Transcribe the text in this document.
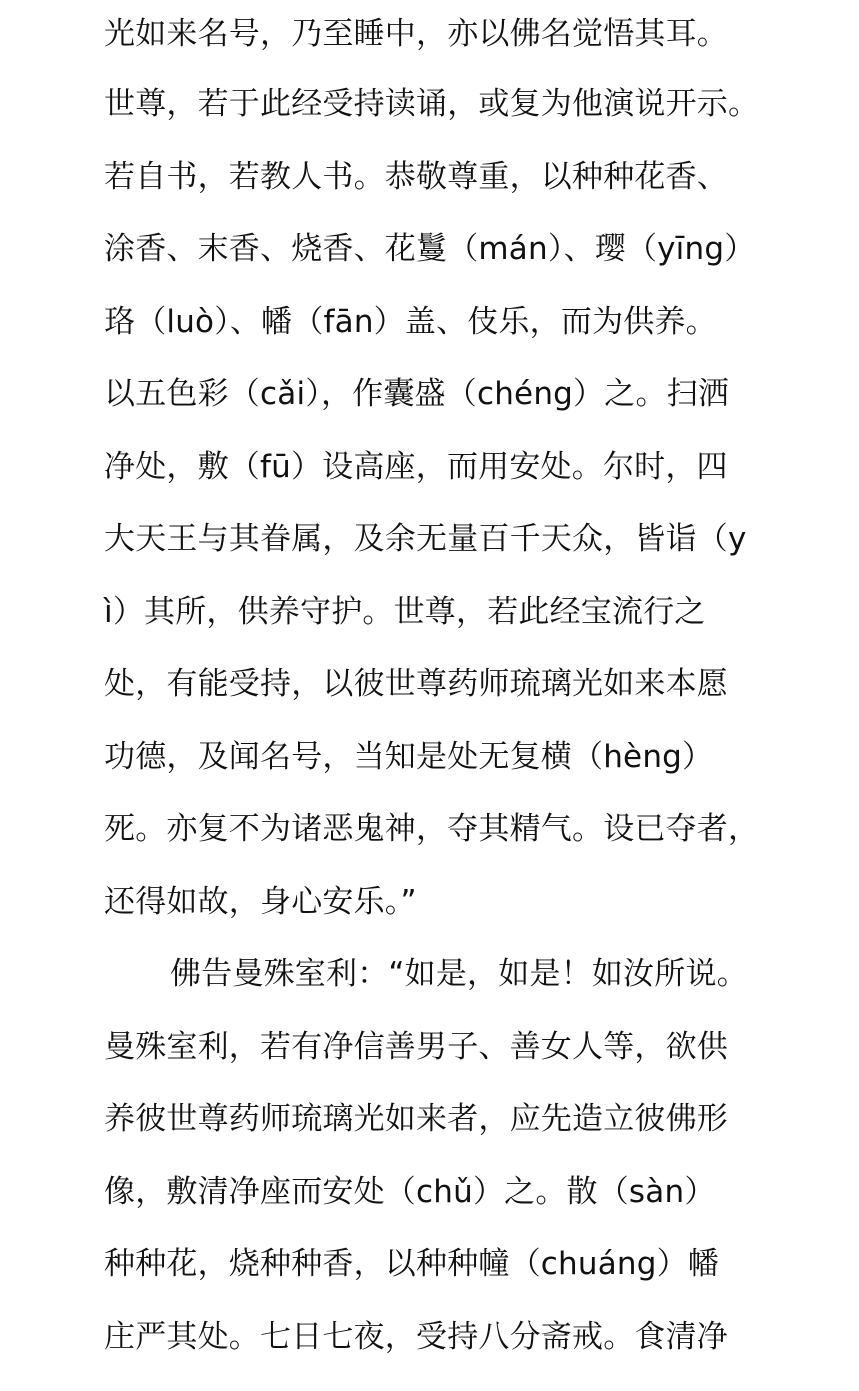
光如来名号，乃至睡中，亦以佛名觉悟其耳。
世尊，若于此经受持读诵，或复为他演说开示。
若自书，若教人书。恭敬尊重，以种种花香、
涂香、末香、烧香、花鬘（mán）、璎（yīng）
珞（luò）、幡（fān）盖、伎乐，而为供养。
以五色彩（cǎi），作囊盛（chéng）之。扫洒
净处，敷（fū）设高座，而用安处。尔时，四
大天王与其眷属，及余无量百千天众，皆诣（y
ì）其所，供养守护。世尊，若此经宝流行之
处，有能受持，以彼世尊药师琉璃光如来本愿
功德，及闻名号，当知是处无复横（hèng）
死。亦复不为诸恶鬼神，夺其精气。设已夺者，
还得如故，身心安乐。”
佛告曼殊室利：“如是，如是！如汝所说。
曼殊室利，若有净信善男子、善女人等，欲供
养彼世尊药师琉璃光如来者，应先造立彼佛形
像，敷清净座而安处（chǔ）之。散（sàn）
种种花，烧种种香，以种种幢（chuáng）幡
庄严其处。七日七夜，受持八分斋戒。食清净
